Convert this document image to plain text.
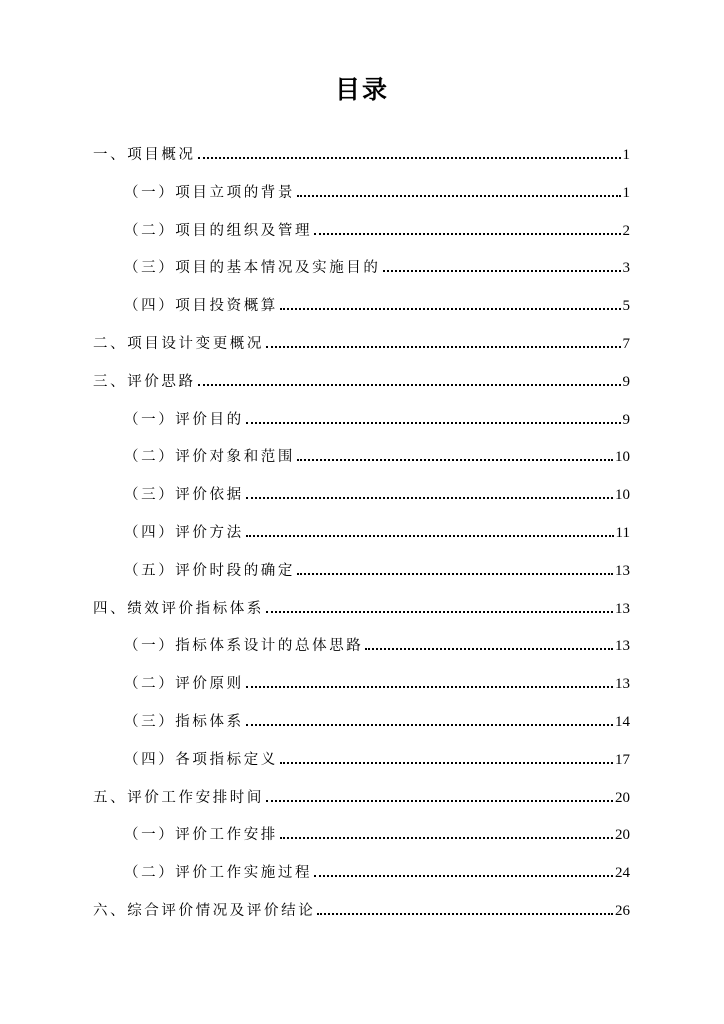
目录
一、项目概况	1
（一）项目立项的背景	1
（二）项目的组织及管理	2
（三）项目的基本情况及实施目的	3
（四）项目投资概算	5
二、项目设计变更概况	7
三、评价思路	9
（一）评价目的	9
（二）评价对象和范围	10
（三）评价依据	10
（四）评价方法	11
（五）评价时段的确定	13
四、绩效评价指标体系	13
（一）指标体系设计的总体思路	13
（二）评价原则	13
（三）指标体系	14
（四）各项指标定义	17
五、评价工作安排时间	20
（一）评价工作安排	20
（二）评价工作实施过程	24
六、综合评价情况及评价结论	26
